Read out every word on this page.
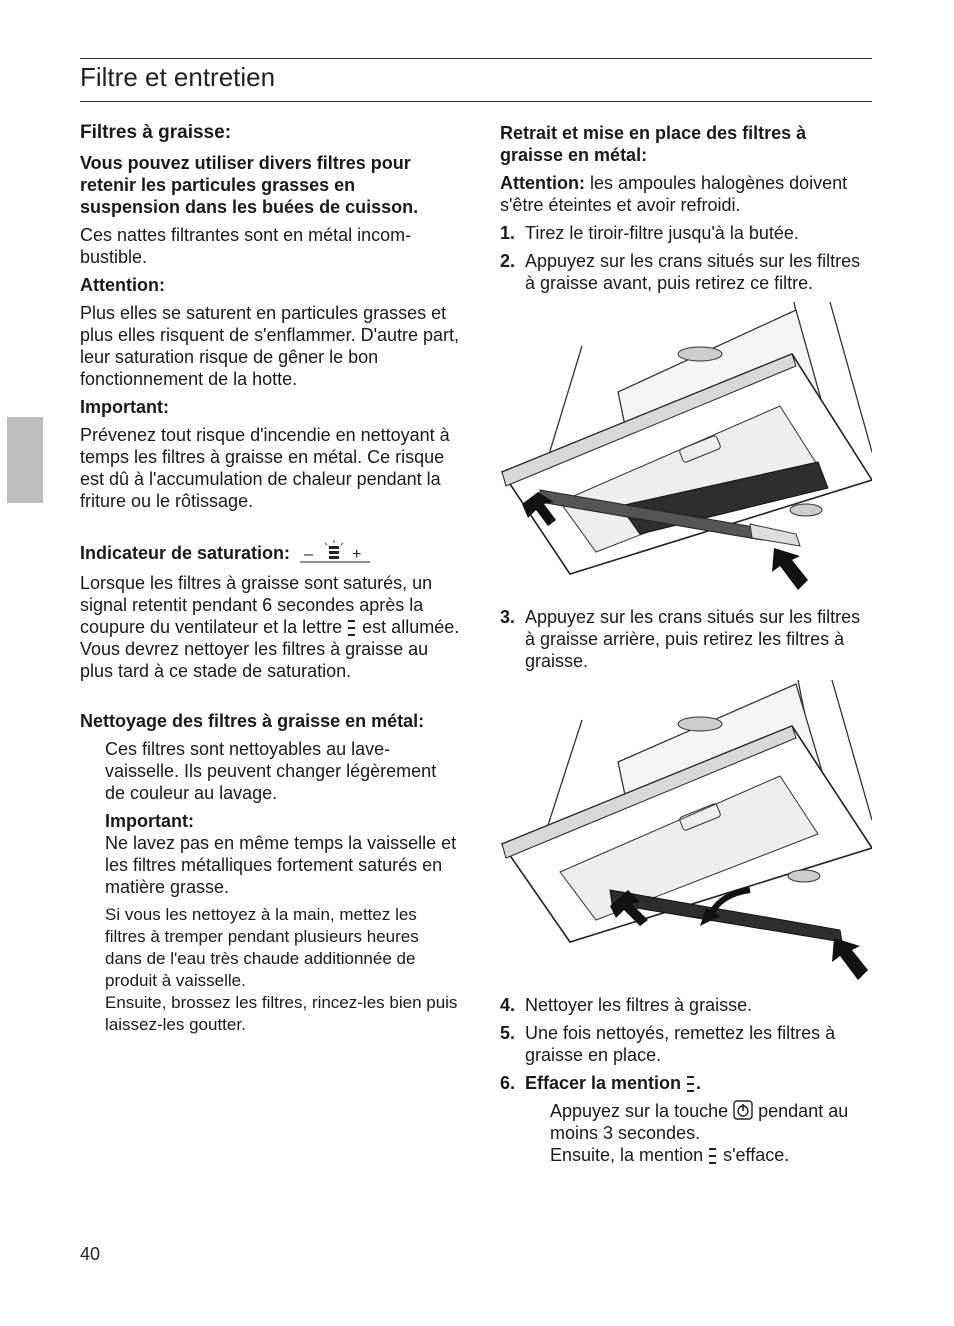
Filtre et entretien

Filtres à graisse:

Vous pouvez utiliser divers filtres pour retenir les particules grasses en suspension dans les buées de cuisson.

Ces nattes filtrantes sont en métal incombustible.

Attention:

Plus elles se saturent en particules grasses et plus elles risquent de s'enflammer. D'autre part, leur saturation risque de gêner le bon fonctionnement de la hotte.

Important:

Prévenez tout risque d'incendie en nettoyant à temps les filtres à graisse en métal. Ce risque est dû à l'accumulation de chaleur pendant la friture ou le rôtissage.

Indicateur de saturation: – +

Lorsque les filtres à graisse sont saturés, un signal retentit pendant 6 secondes après la coupure du ventilateur et la lettre  est allumée. Vous devrez nettoyer les filtres à graisse au plus tard à ce stade de saturation.

Nettoyage des filtres à graisse en métal:

Ces filtres sont nettoyables au lave-vaisselle. Ils peuvent changer légèrement de couleur au lavage.

Important:

Ne lavez pas en même temps la vaisselle et les filtres métalliques fortement saturés en matière grasse.

Si vous les nettoyez à la main, mettez les filtres à tremper pendant plusieurs heures dans de l'eau très chaude additionnée de produit à vaisselle.

Ensuite, brossez les filtres, rincez-les bien puis laissez-les goutter.

Retrait et mise en place des filtres à graisse en métal:

Attention: les ampoules halogènes doivent s'être éteintes et avoir refroidi.

1. Tirez le tiroir-filtre jusqu'à la butée.
2. Appuyez sur les crans situés sur les filtres à graisse avant, puis retirez ce filtre.
3. Appuyez sur les crans situés sur les filtres à graisse arrière, puis retirez les filtres à graisse.
4. Nettoyer les filtres à graisse.
5. Une fois nettoyés, remettez les filtres à graisse en place.
6. Effacer la mention .

Appuyez sur la touche  pendant au moins 3 secondes.
Ensuite, la mention  s'efface.

40
